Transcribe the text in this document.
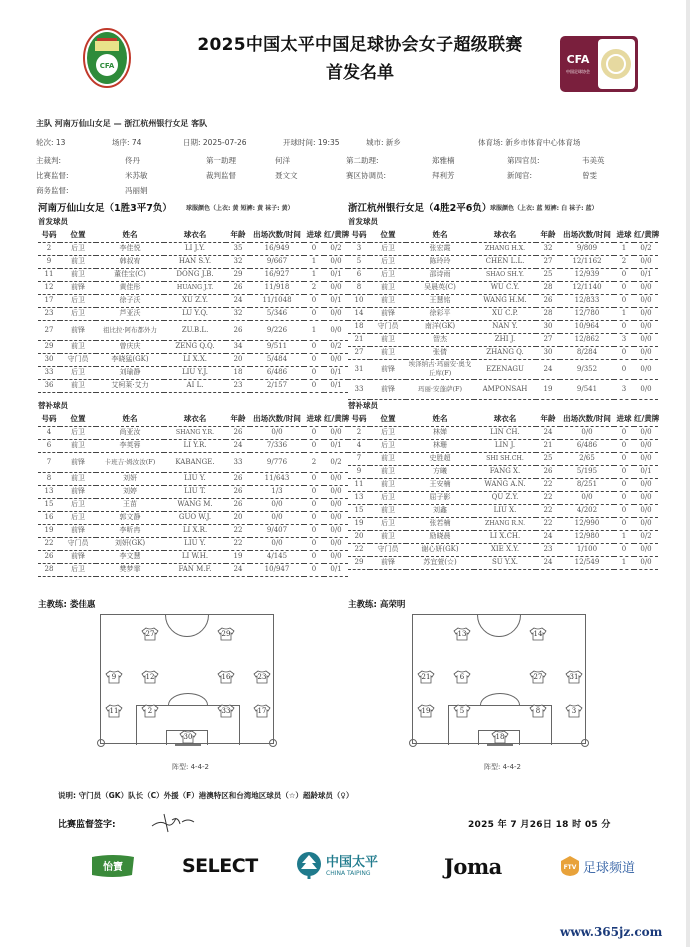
CFA
2025中国太平中国足球协会女子超级联赛
首发名单
CFA
中国足球协会
主队 河南万仙山女足 — 浙江杭州银行女足 客队
轮次: 13	场序: 74	日期: 2025-07-26	开球时间: 19:35	城市: 新乡	体育场: 新乡市体育中心体育场
主裁判:	佟丹	第一助理	何洋	第二助理:	郑雅楠	第四官员:	韦美英
比赛监督:	米苏敏	裁判监督	聂文文	赛区协调员:	拜利芳	新闻官:	曾雯
商务监督:	冯丽娟
河南万仙山女足（1胜3平7负） 球服颜色（上衣: 黄 短裤: 黄 袜子: 黄）	浙江杭州银行女足（4胜2平6负）
球服颜色（上衣: 蓝 短裤: 白 袜子: 蓝）
首发球员	首发球员
号码	位置	姓名	球衣名	年龄	出场次数/时间	进球	红/黄牌
2	后卫	李佳悦	LI J.Y.	35	16/949	0	0/2
9	前卫	韩叔宥	HAN S.Y.	32	9/667	1	0/0
11	前卫	董佳宝(C)	DONG J.B.	29	16/927	1	0/1
12	前锋	黄佳彤	HUANG J.T.	26	11/918	2	0/0
17	后卫	徐子沃	XU Z.Y.	24	11/1048	0	0/1
23	后卫	芦亚沃	LU Y.Q.	32	5/346	0	0/0
27	前锋	祖比拉·阿布都外力	ZU.B.L.	26	9/226	1	0/0
29	前卫	曾庆庆	ZENG Q.Q.	34	9/511	0	0/2
30	守门员	李晓猛(GK)	LI X.X.	20	5/484	0	0/0
33	后卫	刘瑜静	LIU Y.J.	18	6/486	0	0/1
36	前卫	艾柯莱·艾力	AI L.	23	2/157	0	0/1
号码	位置	姓名	球衣名	年龄	出场次数/时间	进球	红/黄牌
3	后卫	张宏霞	ZHANG H.X.	32	9/809	1	0/2
5	后卫	陈玲玲	CHEN L.L.	27	12/1162	2	0/0
6	后卫	邵诗雨	SHAO SH.Y.	25	12/939	0	0/1
8	前卫	吴晨英(C)	WU C.Y.	28	12/1140	0	0/0
10	前卫	王慧铭	WANG H.M.	26	12/833	0	0/0
14	前锋	徐彩平	XU C.P.	28	12/780	1	0/0
18	守门员	南洋(GK)	NAN Y.	30	10/964	0	0/0
21	前卫	智杰	ZHI J.	27	12/862	3	0/0
27	前卫	张倩	ZHANG Q.	30	8/284	0	0/0
31	前锋	埃泽纳古·玛丽安·奥戈丘库(F)	EZENAGU	24	9/352	0	0/0
33	前锋	玛丽·安蓬萨(F)	AMPONSAH	19	9/541	3	0/0
替补球员	替补球员
号码	位置	姓名	球衣名	年龄	出场次数/时间	进球	红/黄牌
4	后卫	尚亚汝	SHANG Y.R.	26	0/0	0	0/0
6	前卫	李英蓉	LI Y.R.	24	7/336	0	0/1
7	前锋	卡班吉·姆汝汝(F)	KABANGE.	33	9/776	2	0/2
8	前卫	刘妍	LIU Y.	26	11/643	0	0/0
13	前锋	刘婷	LIU T.	26	1/3	0	0/0
15	后卫	王苗	WANG M.	26	0/0	0	0/0
16	后卫	郭文静	GUO W.J.	20	0/0	0	0/0
19	前锋	李昕冉	LI X.R.	22	9/407	0	0/0
22	守门员	刘妍(GK)	LIU Y.	22	0/0	0	0/0
26	前锋	李文慧	LI W.H.	19	4/145	0	0/0
28	后卫	樊梦霏	FAN M.F.	24	10/947	0	0/1
号码	位置	姓名	球衣名	年龄	出场次数/时间	进球	红/黄牌
2	后卫	林婵	LIN CH.	24	0/0	0	0/0
4	后卫	林珊	LIN J.	21	6/486	0	0/0
7	前卫	史胜超	SHI SH.CH.	25	2/65	0	0/0
9	前卫	方曦	FANG X.	26	5/195	0	0/1
11	前卫	王安楠	WANG A.N.	22	8/251	0	0/0
13	后卫	屈子影	QU Z.Y.	22	0/0	0	0/0
15	前卫	刘鑫	LIU X.	22	4/202	0	0/0
19	后卫	张若楠	ZHANG R.N.	22	12/990	0	0/0
20	前卫	励晓晨	LI X.CH.	24	12/980	1	0/2
22	守门员	谢心妍(GK)	XIE X.Y.	23	1/100	0	0/0
29	前锋	苏宜萱(☆)	SU Y.X.	24	12/549	1	0/0
主教练: 娄佳惠	主教练: 高荣明
27	29
9	12	16	23
11	2	33	17
30
阵型: 4-4-2
13	14
21	6	27	31
19	5	8	3
18
阵型: 4-4-2
说明: 守门员（GK）队长（C）外援（F）港澳特区和台湾地区球员（☆）超龄球员（♀）
比赛监督签字:	2025 年 7 月26日 18 时 05 分
怡寶	SELECT	中国太平
CHINA TAIPING	Joma	FTV 足球频道
www.365jz.com
